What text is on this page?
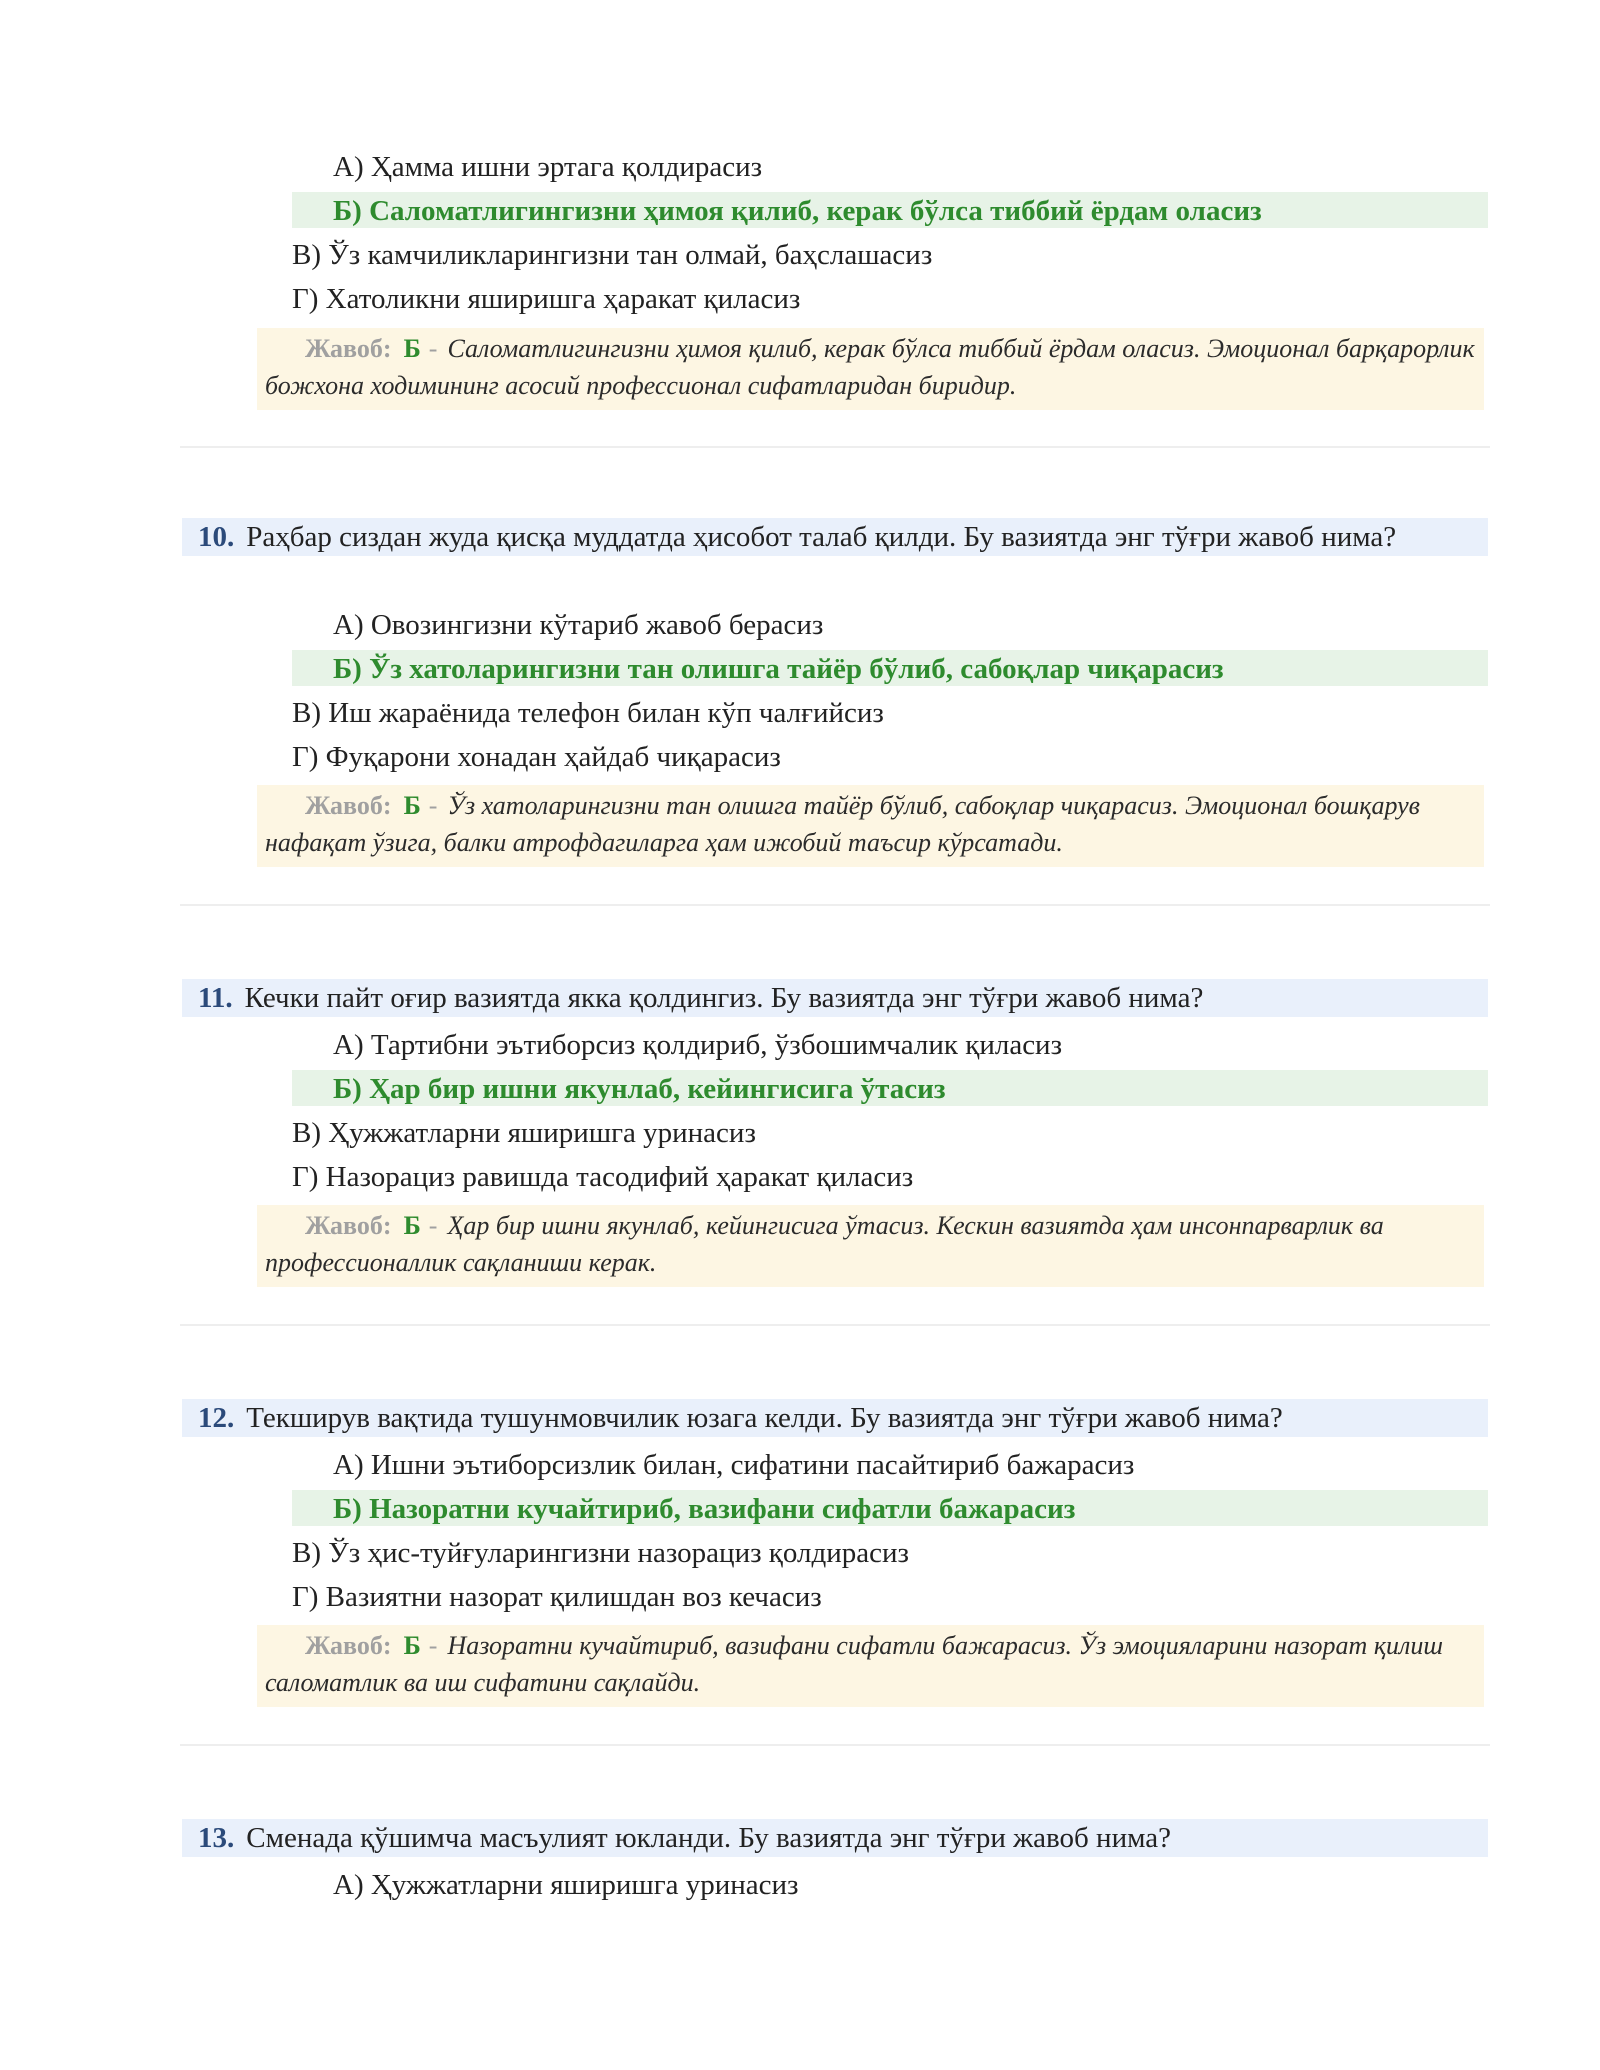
А) Ҳамма ишни эртага қолдирасиз
Б) Саломатлигингизни ҳимоя қилиб, керак бўлса тиббий ёрдам оласиз
В) Ўз камчиликларингизни тан олмай, баҳслашасиз
Г) Хатоликни яширишга ҳаракат қиласиз
Жавоб: Б - Саломатлигингизни ҳимоя қилиб, керак бўлса тиббий ёрдам оласиз. Эмоционал барқарорлик божхона ходимининг асосий профессионал сифатларидан биридир.
10. Раҳбар сиздан жуда қисқа муддатда ҳисобот талаб қилди. Бу вазиятда энг тўғри жавоб нима?
А) Овозингизни кўтариб жавоб берасиз
Б) Ўз хатоларингизни тан олишга тайёр бўлиб, сабоқлар чиқарасиз
В) Иш жараёнида телефон билан кўп чалғийсиз
Г) Фуқарони хонадан ҳайдаб чиқарасиз
Жавоб: Б - Ўз хатоларингизни тан олишга тайёр бўлиб, сабоқлар чиқарасиз. Эмоционал бошқарув нафақат ўзига, балки атрофдагиларга ҳам ижобий таъсир кўрсатади.
11. Кечки пайт оғир вазиятда якка қолдингиз. Бу вазиятда энг тўғри жавоб нима?
А) Тартибни эътиборсиз қолдириб, ўзбошимчалик қиласиз
Б) Ҳар бир ишни якунлаб, кейингисига ўтасиз
В) Ҳужжатларни яширишга уринасиз
Г) Назорациз равишда тасодифий ҳаракат қиласиз
Жавоб: Б - Ҳар бир ишни якунлаб, кейингисига ўтасиз. Кескин вазиятда ҳам инсонпарварлик ва профессионаллик сақланиши керак.
12. Текширув вақтида тушунмовчилик юзага келди. Бу вазиятда энг тўғри жавоб нима?
А) Ишни эътиборсизлик билан, сифатини пасайтириб бажарасиз
Б) Назоратни кучайтириб, вазифани сифатли бажарасиз
В) Ўз ҳис-туйғуларингизни назорациз қолдирасиз
Г) Вазиятни назорат қилишдан воз кечасиз
Жавоб: Б - Назоратни кучайтириб, вазифани сифатли бажарасиз. Ўз эмоцияларини назорат қилиш саломатлик ва иш сифатини сақлайди.
13. Сменада қўшимча масъулият юкланди. Бу вазиятда энг тўғри жавоб нима?
А) Ҳужжатларни яширишга уринасиз
